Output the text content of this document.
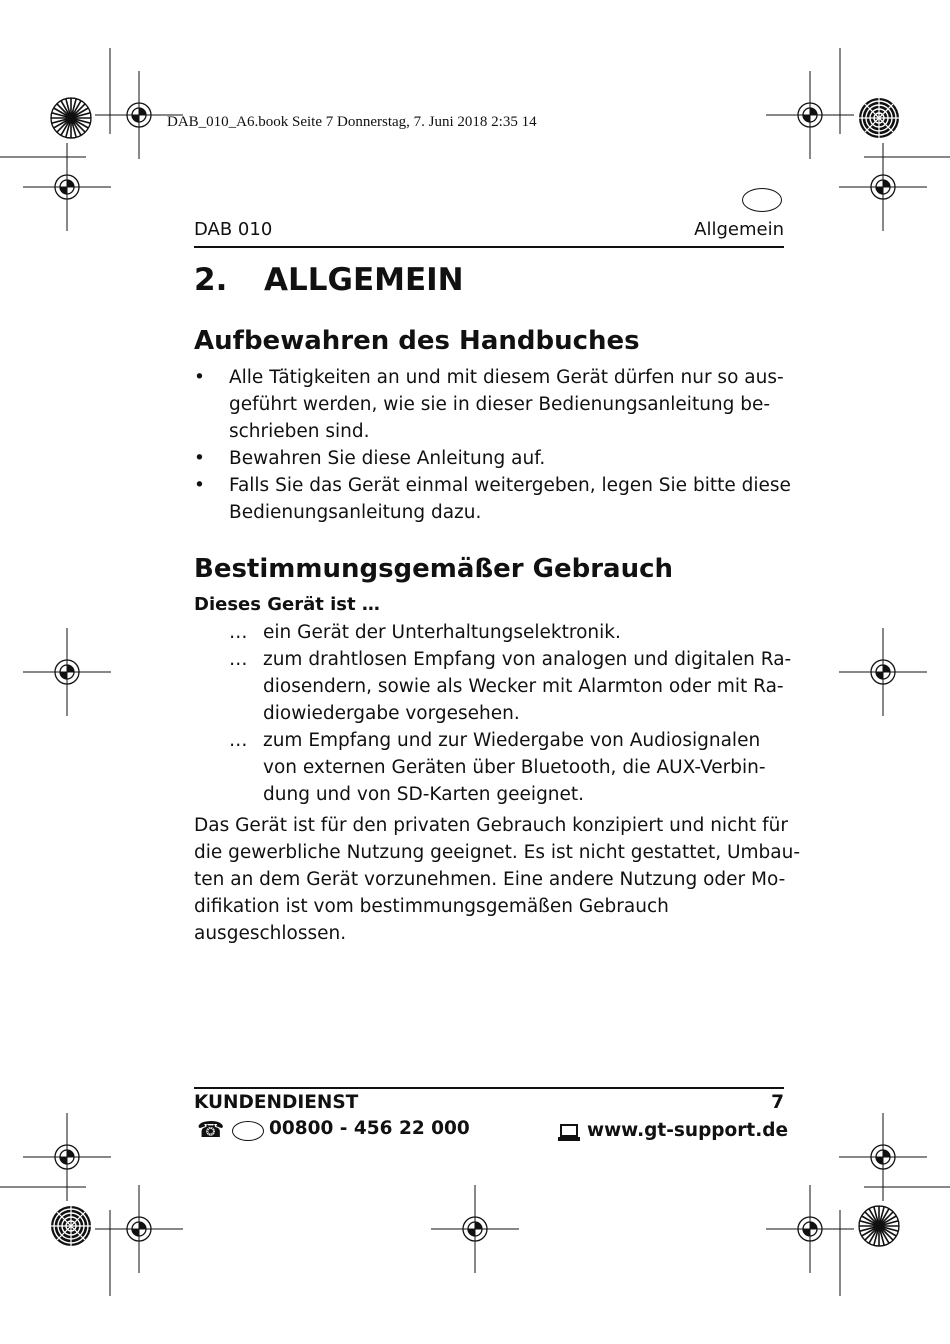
DAB_010_A6.book Seite 7 Donnerstag, 7. Juni 2018 2:35 14
DAB 010	Allgemein
2. ALLGEMEIN
Aufbewahren des Handbuches
•	Alle Tätigkeiten an und mit diesem Gerät dürfen nur so aus-
geführt werden, wie sie in dieser Bedienungsanleitung be-
schrieben sind.
•	Bewahren Sie diese Anleitung auf.
•	Falls Sie das Gerät einmal weitergeben, legen Sie bitte diese
Bedienungsanleitung dazu.
Bestimmungsgemäßer Gebrauch
Dieses Gerät ist …
… ein Gerät der Unterhaltungselektronik.
… zum drahtlosen Empfang von analogen und digitalen Ra-
diosendern, sowie als Wecker mit Alarmton oder mit Ra-
diowiedergabe vorgesehen.
… zum Empfang und zur Wiedergabe von Audiosignalen
von externen Geräten über Bluetooth, die AUX-Verbin-
dung und von SD-Karten geeignet.
Das Gerät ist für den privaten Gebrauch konzipiert und nicht für
die gewerbliche Nutzung geeignet. Es ist nicht gestattet, Umbau-
ten an dem Gerät vorzunehmen. Eine andere Nutzung oder Mo-
difikation ist vom bestimmungsgemäßen Gebrauch
ausgeschlossen.
KUNDENDIENST	7
☎ 00800 - 456 22 000	www.gt-support.de
